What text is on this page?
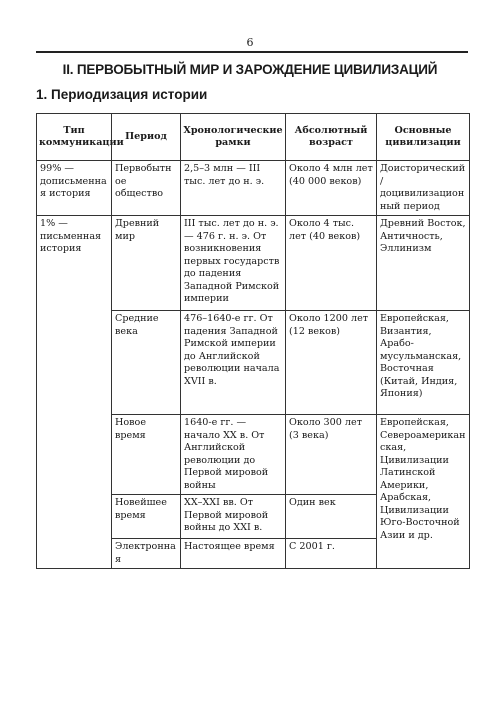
6
II. ПЕРВОБЫТНЫЙ МИР И ЗАРОЖДЕНИЕ ЦИВИЛИЗАЦИЙ
1. Периодизация истории
Тип коммуникации	Период	Хронологические рамки	Абсолютный возраст	Основные цивилизации	
99% — дописьменная история	Первобытное общество	2,5–3 млн — III тыс. лет до н. э.	Около 4 млн лет (40 000 веков)	Доисторический/доцивилизационный период	
1% — письменная история	Древний мир	III тыс. лет до н. э. — 476 г. н. э. От возникновения первых государств до падения Западной Римской империи	Около 4 тыс. лет (40 веков)	Древний Восток, Античность, Эллинизм	
	Средние века	476–1640-е гг. От падения Западной Римской империи до Английской революции начала XVII в.	Около 1200 лет (12 веков)	Европейская, Византия, Арабо-мусульманская, Восточная (Китай, Индия, Япония)	
	Новое время	1640-е гг. — начало XX в. От Английской революции до Первой мировой войны	Около 300 лет (3 века)	Европейская, Североамериканская, Цивилизации Латинской Америки, Арабская, Цивилизации Юго-Восточной Азии и др.	
	Новейшее время	XX–XXI вв. От Первой мировой войны до XXI в.	Один век		
	Электронная	Настоящее время	С 2001 г.		
